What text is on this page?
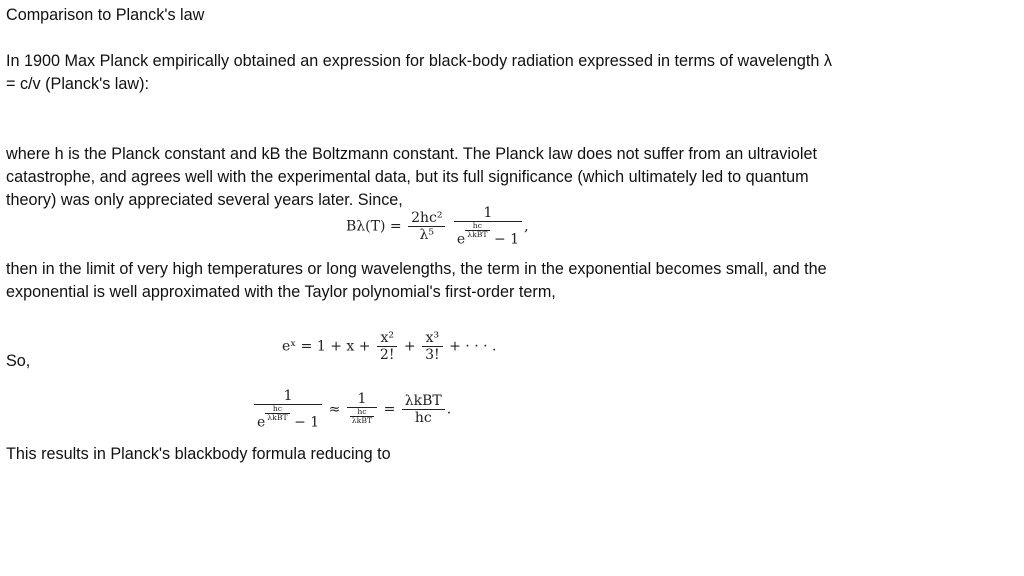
Comparison to Planck's law
In 1900 Max Planck empirically obtained an expression for black-body radiation expressed in terms of wavelength λ
= c/v (Planck's law):
where h is the Planck constant and kB the Boltzmann constant. The Planck law does not suffer from an ultraviolet
catastrophe, and agrees well with the experimental data, but its full significance (which ultimately led to quantum
theory) was only appreciated several years later. Since,
$B\lambda(T) = \frac{\text{2hc²}}{\text{λ⁵}}$
1
e
$\frac{hc}{\text{λkBT}}$
− 1 ,
then in the limit of very high temperatures or long wavelengths, the term in the exponential becomes small, and the
exponential is well approximated with the Taylor polynomial's first-order term,
eˣ = $1 + x + \frac{\text{x²}}{2!} + \frac{\text{x³}}{3!}$ + · · · .
So,
1
e
$\frac{hc}{\text{λkBT}}$
− $1 \approx \frac{1}{\frac{hc}{\text{λkBT}}} = \frac{\text{λkBT}}{hc}$ .
This results in Planck's blackbody formula reducing to
